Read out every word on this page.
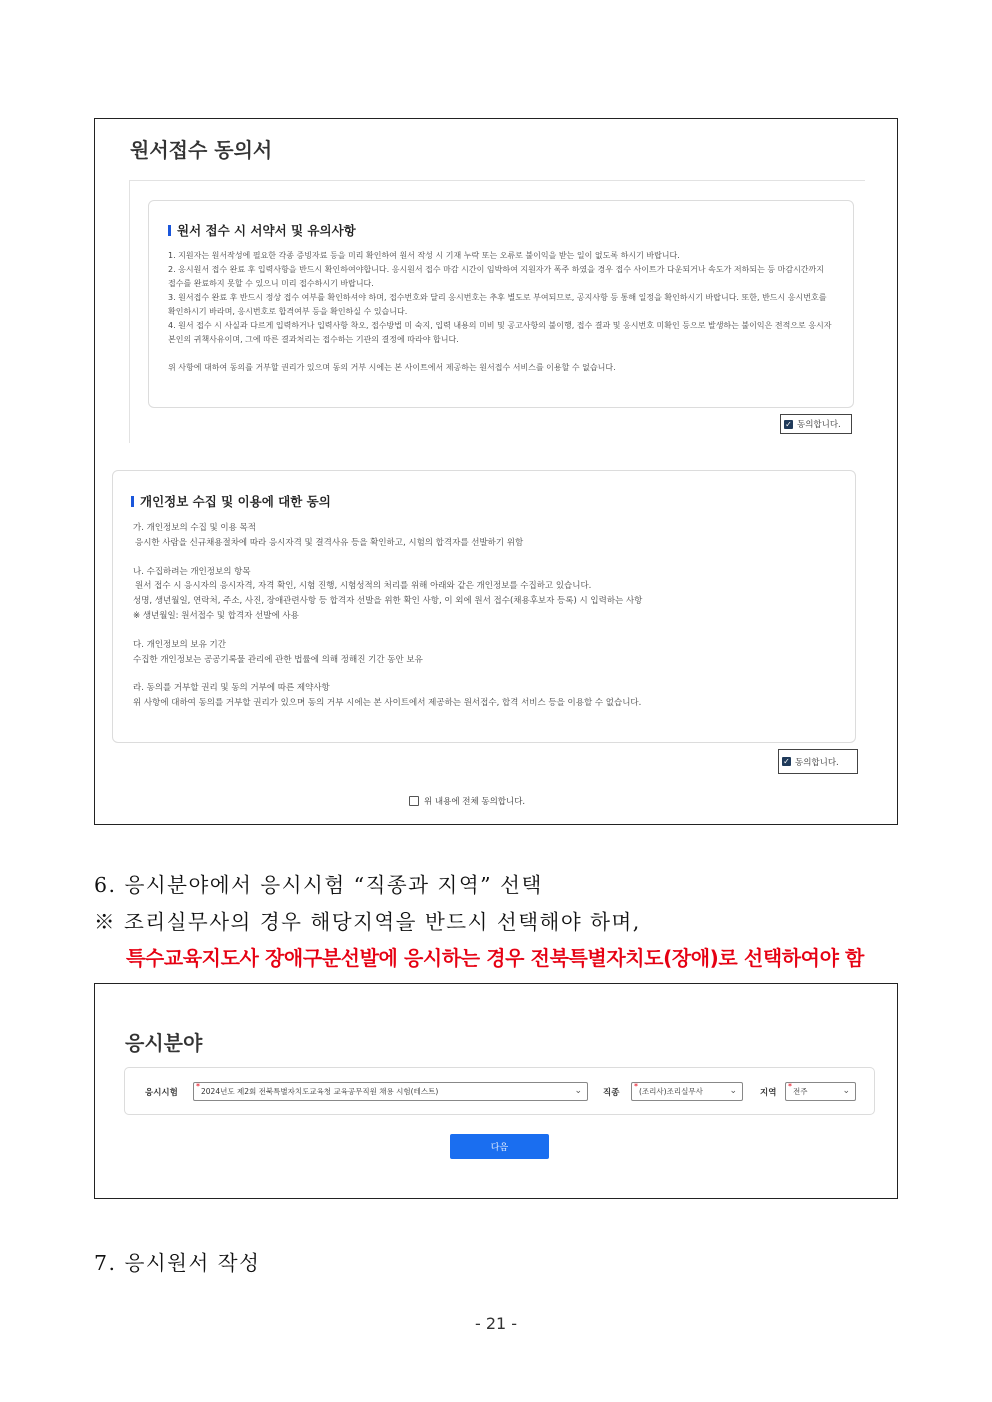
원서접수 동의서
원서 접수 시 서약서 및 유의사항

1. 지원자는 원서작성에 필요한 각종 증빙자료 등을 미리 확인하여 원서 작성 시 기재 누락 또는 오류로 불이익을 받는 일이 없도록 하시기 바랍니다.

2. 응시원서 접수 완료 후 입력사항을 반드시 확인하여야합니다. 응시원서 접수 마감 시간이 임박하여 지원자가 폭주 하였을 경우 접수 사이트가 다운되거나 속도가 저하되는 등 마감시간까지

접수를 완료하지 못할 수 있으니 미리 접수하시기 바랍니다.

3. 원서접수 완료 후 반드시 정상 접수 여부를 확인하셔야 하며, 접수번호와 달리 응시번호는 추후 별도로 부여되므로, 공지사항 등 통해 일정을 확인하시기 바랍니다. 또한, 반드시 응시번호를

확인하시기 바라며, 응시번호로 합격여부 등을 확인하실 수 있습니다.

4. 원서 접수 시 사실과 다르게 입력하거나 입력사항 착오, 접수방법 미 숙지, 입력 내용의 미비 및 공고사항의 불이행, 접수 결과 및 응시번호 미확인 등으로 발생하는 불이익은 전적으로 응시자

본인의 귀책사유이며, 그에 따른 결과처리는 접수하는 기관의 결정에 따라야 합니다.

위 사항에 대하여 동의를 거부할 권리가 있으며 동의 거부 시에는 본 사이트에서 제공하는 원서접수 서비스를 이용할 수 없습니다.

✓ 동의합니다.
개인정보 수집 및 이용에 대한 동의

가. 개인정보의 수집 및 이용 목적

응시한 사람을 신규채용절차에 따라 응시자격 및 결격사유 등을 확인하고, 시험의 합격자를 선발하기 위함

나. 수집하려는 개인정보의 항목

원서 접수 시 응시자의 응시자격, 자격 확인, 시험 진행, 시험성적의 처리를 위해 아래와 같은 개인정보를 수집하고 있습니다.

성명, 생년월일, 연락처, 주소, 사진, 장애관련사항 등 합격자 선발을 위한 확인 사항, 이 외에 원서 접수(채용후보자 등록) 시 입력하는 사항

※ 생년월일: 원서접수 및 합격자 선발에 사용

다. 개인정보의 보유 기간

수집한 개인정보는 공공기록물 관리에 관한 법률에 의해 정해진 기간 동안 보유

라. 동의를 거부할 권리 및 동의 거부에 따른 제약사항

위 사항에 대하여 동의를 거부할 권리가 있으며 동의 거부 시에는 본 사이트에서 제공하는 원서접수, 합격 서비스 등을 이용할 수 없습니다.

✓ 동의합니다.
위 내용에 전체 동의합니다.
6. 응시분야에서 응시시험 “직종과 지역” 선택
※ 조리실무사의 경우 해당지역을 반드시 선택해야 하며,
특수교육지도사 장애구분선발에 응시하는 경우 전북특별자치도(장애)로 선택하여야 함
응시분야
응시시험
*
2024년도 제2회 전북특별자치도교육청 교육공무직원 채용 시험(테스트)	⌄ 직종
*
(조리사)조리실무사	⌄	지역
*
전주	⌄
다음
7. 응시원서 작성
- 21 -
